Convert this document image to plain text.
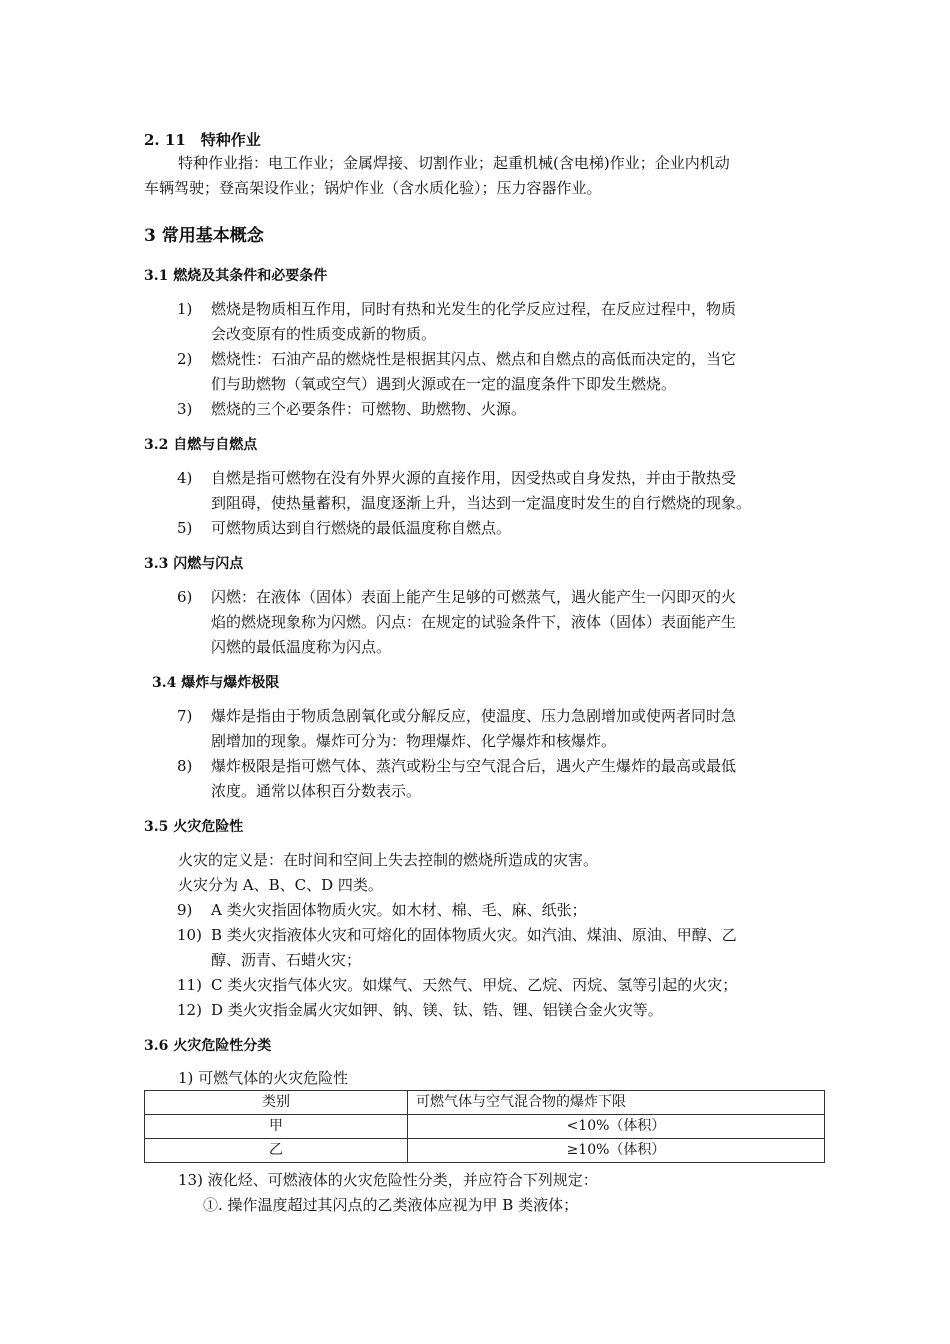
2. 11　特种作业
特种作业指：电工作业；金属焊接、切割作业；起重机械(含电梯)作业；企业内机动
车辆驾驶；登高架设作业；锅炉作业（含水质化验）；压力容器作业。
3 常用基本概念
3.1 燃烧及其条件和必要条件
1) 燃烧是物质相互作用，同时有热和光发生的化学反应过程，在反应过程中，物质
会改变原有的性质变成新的物质。
2) 燃烧性：石油产品的燃烧性是根据其闪点、燃点和自燃点的高低而决定的，当它
们与助燃物（氧或空气）遇到火源或在一定的温度条件下即发生燃烧。
3) 燃烧的三个必要条件：可燃物、助燃物、火源。
3.2 自燃与自燃点
4) 自燃是指可燃物在没有外界火源的直接作用，因受热或自身发热，并由于散热受
到阻碍，使热量蓄积，温度逐渐上升，当达到一定温度时发生的自行燃烧的现象。
5) 可燃物质达到自行燃烧的最低温度称自燃点。
3.3 闪燃与闪点
6) 闪燃：在液体（固体）表面上能产生足够的可燃蒸气，遇火能产生一闪即灭的火
焰的燃烧现象称为闪燃。闪点：在规定的试验条件下，液体（固体）表面能产生
闪燃的最低温度称为闪点。
3.4 爆炸与爆炸极限
7) 爆炸是指由于物质急剧氧化或分解反应，使温度、压力急剧增加或使两者同时急
剧增加的现象。爆炸可分为：物理爆炸、化学爆炸和核爆炸。
8) 爆炸极限是指可燃气体、蒸汽或粉尘与空气混合后，遇火产生爆炸的最高或最低
浓度。通常以体积百分数表示。
3.5 火灾危险性
火灾的定义是：在时间和空间上失去控制的燃烧所造成的灾害。
火灾分为 A、B、C、D 四类。
9) A 类火灾指固体物质火灾。如木材、棉、毛、麻、纸张；
10) B 类火灾指液体火灾和可熔化的固体物质火灾。如汽油、煤油、原油、甲醇、乙
醇、沥青、石蜡火灾；
11) C 类火灾指气体火灾。如煤气、天然气、甲烷、乙烷、丙烷、氢等引起的火灾；
12) D 类火灾指金属火灾如钾、钠、镁、钛、锆、锂、铝镁合金火灾等。
3.6 火灾危险性分类
1) 可燃气体的火灾危险性
类别	可燃气体与空气混合物的爆炸下限
甲	<10%（体积）
乙	≥10%（体积）
13) 液化烃、可燃液体的火灾危险性分类，并应符合下列规定：
①. 操作温度超过其闪点的乙类液体应视为甲 B 类液体；
